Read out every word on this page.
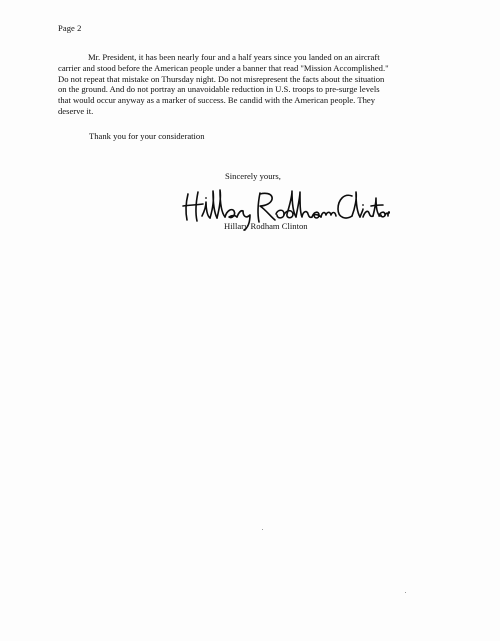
Page 2

Mr. President, it has been nearly four and a half years since you landed on an aircraft
carrier and stood before the American people under a banner that read "Mission Accomplished."
Do not repeat that mistake on Thursday night. Do not misrepresent the facts about the situation
on the ground. And do not portray an unavoidable reduction in U.S. troops to pre-surge levels
that would occur anyway as a marker of success. Be candid with the American people. They
deserve it.

Thank you for your consideration
Sincerely yours,
Hillary Rodham Clinton
